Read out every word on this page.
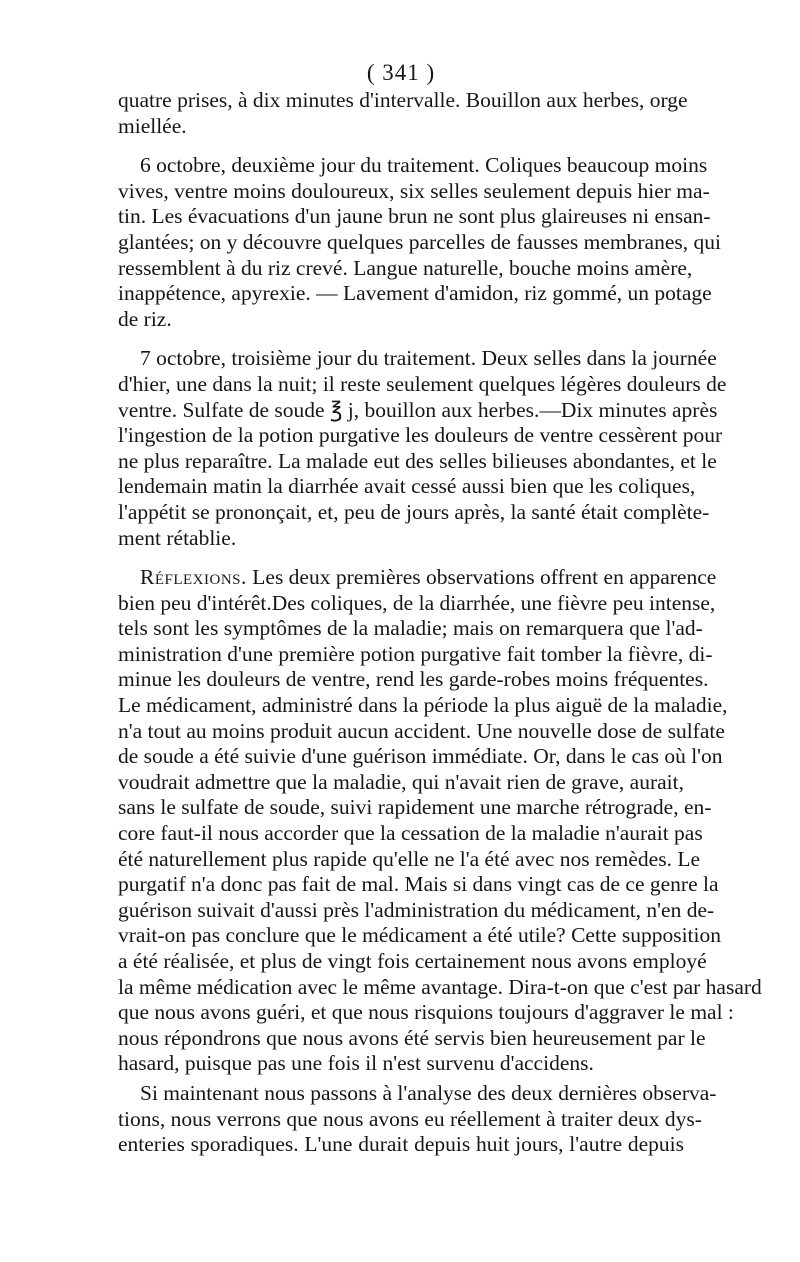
( 341 )
quatre prises, à dix minutes d'intervalle. Bouillon aux herbes, orge
miellée.
6 octobre, deuxième jour du traitement. Coliques beaucoup moins
vives, ventre moins douloureux, six selles seulement depuis hier ma-
tin. Les évacuations d'un jaune brun ne sont plus glaireuses ni ensan-
glantées; on y découvre quelques parcelles de fausses membranes, qui
ressemblent à du riz crevé. Langue naturelle, bouche moins amère,
inappétence, apyrexie. — Lavement d'amidon, riz gommé, un potage
de riz.
7 octobre, troisième jour du traitement. Deux selles dans la journée
d'hier, une dans la nuit; il reste seulement quelques légères douleurs de
ventre. Sulfate de soude ℥ j, bouillon aux herbes.—Dix minutes après
l'ingestion de la potion purgative les douleurs de ventre cessèrent pour
ne plus reparaître. La malade eut des selles bilieuses abondantes, et le
lendemain matin la diarrhée avait cessé aussi bien que les coliques,
l'appétit se prononçait, et, peu de jours après, la santé était complète-
ment rétablie.
Réflexions. Les deux premières observations offrent en apparence
bien peu d'intérêt.Des coliques, de la diarrhée, une fièvre peu intense,
tels sont les symptômes de la maladie; mais on remarquera que l'ad-
ministration d'une première potion purgative fait tomber la fièvre, di-
minue les douleurs de ventre, rend les garde-robes moins fréquentes.
Le médicament, administré dans la période la plus aiguë de la maladie,
n'a tout au moins produit aucun accident. Une nouvelle dose de sulfate
de soude a été suivie d'une guérison immédiate. Or, dans le cas où l'on
voudrait admettre que la maladie, qui n'avait rien de grave, aurait,
sans le sulfate de soude, suivi rapidement une marche rétrograde, en-
core faut-il nous accorder que la cessation de la maladie n'aurait pas
été naturellement plus rapide qu'elle ne l'a été avec nos remèdes. Le
purgatif n'a donc pas fait de mal. Mais si dans vingt cas de ce genre la
guérison suivait d'aussi près l'administration du médicament, n'en de-
vrait-on pas conclure que le médicament a été utile? Cette supposition
a été réalisée, et plus de vingt fois certainement nous avons employé
la même médication avec le même avantage. Dira-t-on que c'est par hasard
que nous avons guéri, et que nous risquions toujours d'aggraver le mal :
nous répondrons que nous avons été servis bien heureusement par le
hasard, puisque pas une fois il n'est survenu d'accidens.
Si maintenant nous passons à l'analyse des deux dernières observa-
tions, nous verrons que nous avons eu réellement à traiter deux dys-
enteries sporadiques. L'une durait depuis huit jours, l'autre depuis
